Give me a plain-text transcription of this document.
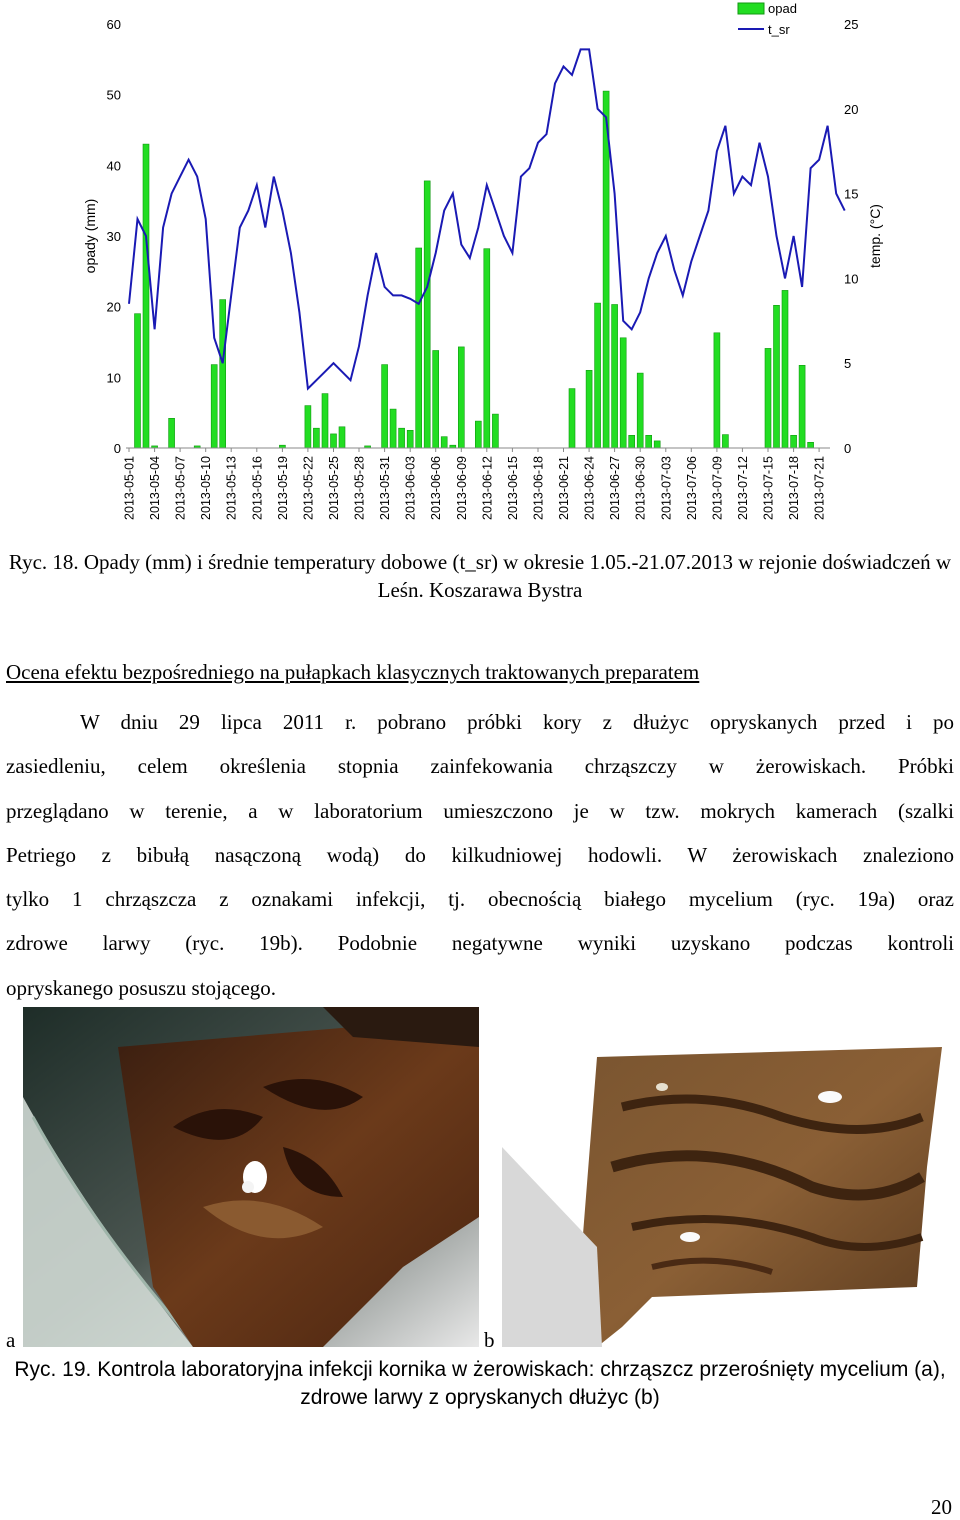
0
10
20
30
40
50
60
0
5
10
15
20
25
2013-05-01 2013-05-04 2013-05-07 2013-05-10 2013-05-13 2013-05-16 2013-05-19 2013-05-22 2013-05-25 2013-05-28 2013-05-31 2013-06-03 2013-06-06 2013-06-09 2013-06-12 2013-06-15 2013-06-18 2013-06-21 2013-06-24 2013-06-27 2013-06-30 2013-07-03 2013-07-06 2013-07-09 2013-07-12 2013-07-15 2013-07-18 2013-07-21
opady (mm)	temp. (°C)
opad
t_sr
Ryc. 18. Opady (mm) i średnie temperatury dobowe (t_sr) w okresie 1.05.-21.07.2013 w rejonie doświadczeń w Leśn. Koszarawa Bystra
Ocena efektu bezpośredniego na pułapkach klasycznych traktowanych preparatem
W dniu 29 lipca 2011 r. pobrano próbki kory z dłużyc opryskanych przed i po
zasiedleniu, celem określenia stopnia zainfekowania chrząszczy w żerowiskach. Próbki
przeglądano w terenie, a w laboratorium umieszczono je w tzw. mokrych kamerach (szalki
Petriego z bibułą nasączoną wodą) do kilkudniowej hodowli. W żerowiskach znaleziono
tylko 1 chrząszcza z oznakami infekcji, tj. obecnością białego mycelium (ryc. 19a) oraz
zdrowe larwy (ryc. 19b). Podobnie negatywne wyniki uzyskano podczas kontroli
opryskanego posuszu stojącego.
a	b
Ryc. 19. Kontrola laboratoryjna infekcji kornika w żerowiskach: chrząszcz przerośnięty mycelium (a), zdrowe larwy z opryskanych dłużyc (b)
20
